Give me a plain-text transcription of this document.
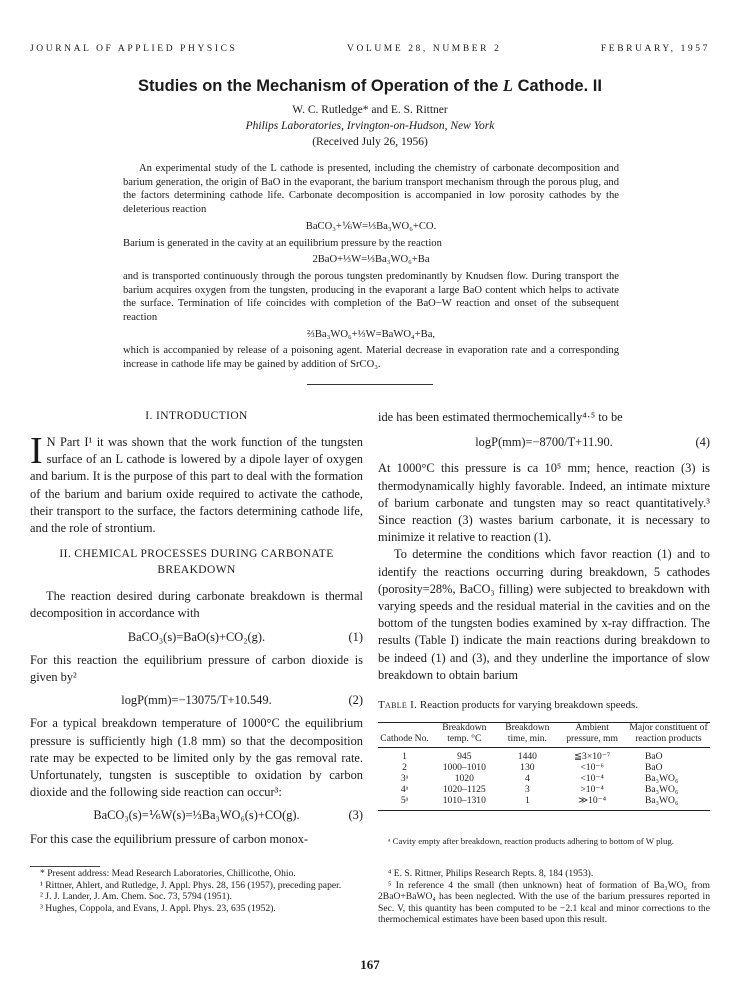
JOURNAL OF APPLIED PHYSICS	VOLUME 28, NUMBER 2	FEBRUARY, 1957
Studies on the Mechanism of Operation of the L Cathode. II
W. C. Rutledge* and E. S. Rittner
Philips Laboratories, Irvington-on-Hudson, New York
(Received July 26, 1956)

An experimental study of the L cathode is presented, including the chemistry of carbonate decomposition and barium generation, the origin of BaO in the evaporant, the barium transport mechanism through the porous plug, and the factors determining cathode life. Carbonate decomposition is accompanied in low porosity cathodes by the deleterious reaction

BaCO₃+⅙W=⅓Ba₃WO₆+CO.

Barium is generated in the cavity at an equilibrium pressure by the reaction

2BaO+⅓W=⅓Ba₃WO₆+Ba

and is transported continuously through the porous tungsten predominantly by Knudsen flow. During transport the barium acquires oxygen from the tungsten, producing in the evaporant a large BaO content which helps to activate the surface. Termination of life coincides with completion of the BaO−W reaction and onset of the subsequent reaction

⅔Ba₃WO₆+⅓W=BaWO₄+Ba,

which is accompanied by release of a poisoning agent. Material decrease in evaporation rate and a corresponding increase in cathode life may be gained by addition of SrCO₃.

I. INTRODUCTION

I N Part I¹ it was shown that the work function of the tungsten surface of an L cathode is lowered by a dipole layer of oxygen and barium. It is the purpose of this part to deal with the formation of the barium and barium oxide required to activate the cathode, their transport to the surface, the factors determining cathode life, and the role of strontium.

II. CHEMICAL PROCESSES DURING CARBONATE BREAKDOWN

The reaction desired during carbonate breakdown is thermal decomposition in accordance with

BaCO₃(s)=BaO(s)+CO₂(g).	(1)

For this reaction the equilibrium pressure of carbon dioxide is given by²

logP(mm)=−13075/T+10.549.	(2)

For a typical breakdown temperature of 1000°C the equilibrium pressure is sufficiently high (1.8 mm) so that the decomposition rate may be expected to be limited only by the gas removal rate. Unfortunately, tungsten is susceptible to oxidation by carbon dioxide and the following side reaction can occur³:

BaCO₃(s)=⅙W(s)=⅓Ba₃WO₆(s)+CO(g).	(3)

For this case the equilibrium pressure of carbon monox-

* Present address: Mead Research Laboratories, Chillicothe, Ohio.

¹ Rittner, Ahlert, and Rutledge, J. Appl. Phys. 28, 156 (1957), preceding paper.

² J. J. Lander, J. Am. Chem. Soc. 73, 5794 (1951).

³ Hughes, Coppola, and Evans, J. Appl. Phys. 23, 635 (1952).

ide has been estimated thermochemically⁴·⁵ to be

logP(mm)=−8700/T+11.90.	(4)

At 1000°C this pressure is ca 10⁵ mm; hence, reaction (3) is thermodynamically highly favorable. Indeed, an intimate mixture of barium carbonate and tungsten may so react quantitatively.³ Since reaction (3) wastes barium carbonate, it is necessary to minimize it relative to reaction (1).

To determine the conditions which favor reaction (1) and to identify the reactions occurring during breakdown, 5 cathodes (porosity=28%, BaCO₃ filling) were subjected to breakdown with varying speeds and the residual material in the cavities and on the bottom of the tungsten bodies examined by x-ray diffraction. The results (Table I) indicate the main reactions during breakdown to be indeed (1) and (3), and they underline the importance of slow breakdown to obtain barium

Table I. Reaction products for varying breakdown speeds.
Cathode No.	Breakdown temp. °C	Breakdown time, min.	Ambient pressure, mm	Major constituent of reaction products
1	945	1440	≦3×10⁻⁷	BaO
2	1000–1010	130	<10⁻⁶	BaO
3ᵃ	1020	4	<10⁻⁴	Ba₃WO₆
4ᵃ	1020–1125	3	>10⁻⁴	Ba₃WO₆
5ᵃ	1010–1310	1	≫10⁻⁴	Ba₃WO₆

ᵃ Cavity empty after breakdown, reaction products adhering to bottom of W plug.

⁴ E. S. Rittner, Philips Research Repts. 8, 184 (1953).

⁵ In reference 4 the small (then unknown) heat of formation of Ba₃WO₆ from 2BaO+BaWO₄ has been neglected. With the use of the barium pressures reported in Sec. V, this quantity has been computed to be −2.1 kcal and minor corrections to the thermochemical estimates have been based upon this result.

167
